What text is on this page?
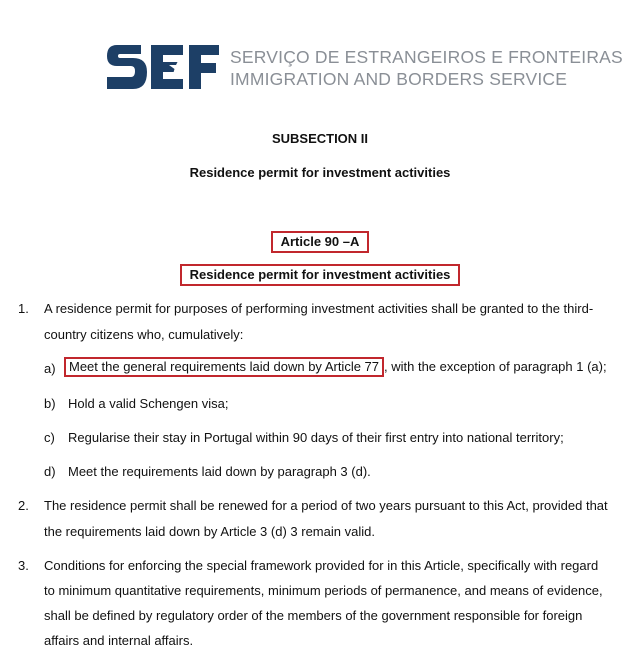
SERVIÇO DE ESTRANGEIROS E FRONTEIRAS
IMMIGRATION AND BORDERS SERVICE
SUBSECTION II
Residence permit for investment activities
Article 90 –A
Residence permit for investment activities
1. A residence permit for purposes of performing investment activities shall be granted to the third-
country citizens who, cumulatively:
a)	Meet the general requirements laid down by Article 77 , with the exception of paragraph 1 (a);
b) Hold a valid Schengen visa;
c) Regularise their stay in Portugal within 90 days of their first entry into national territory;
d) Meet the requirements laid down by paragraph 3 (d).
2. The residence permit shall be renewed for a period of two years pursuant to this Act, provided that
the requirements laid down by Article 3 (d) 3 remain valid.
3. Conditions for enforcing the special framework provided for in this Article, specifically with regard
to minimum quantitative requirements, minimum periods of permanence, and means of evidence,
shall be defined by regulatory order of the members of the government responsible for foreign
affairs and internal affairs.
